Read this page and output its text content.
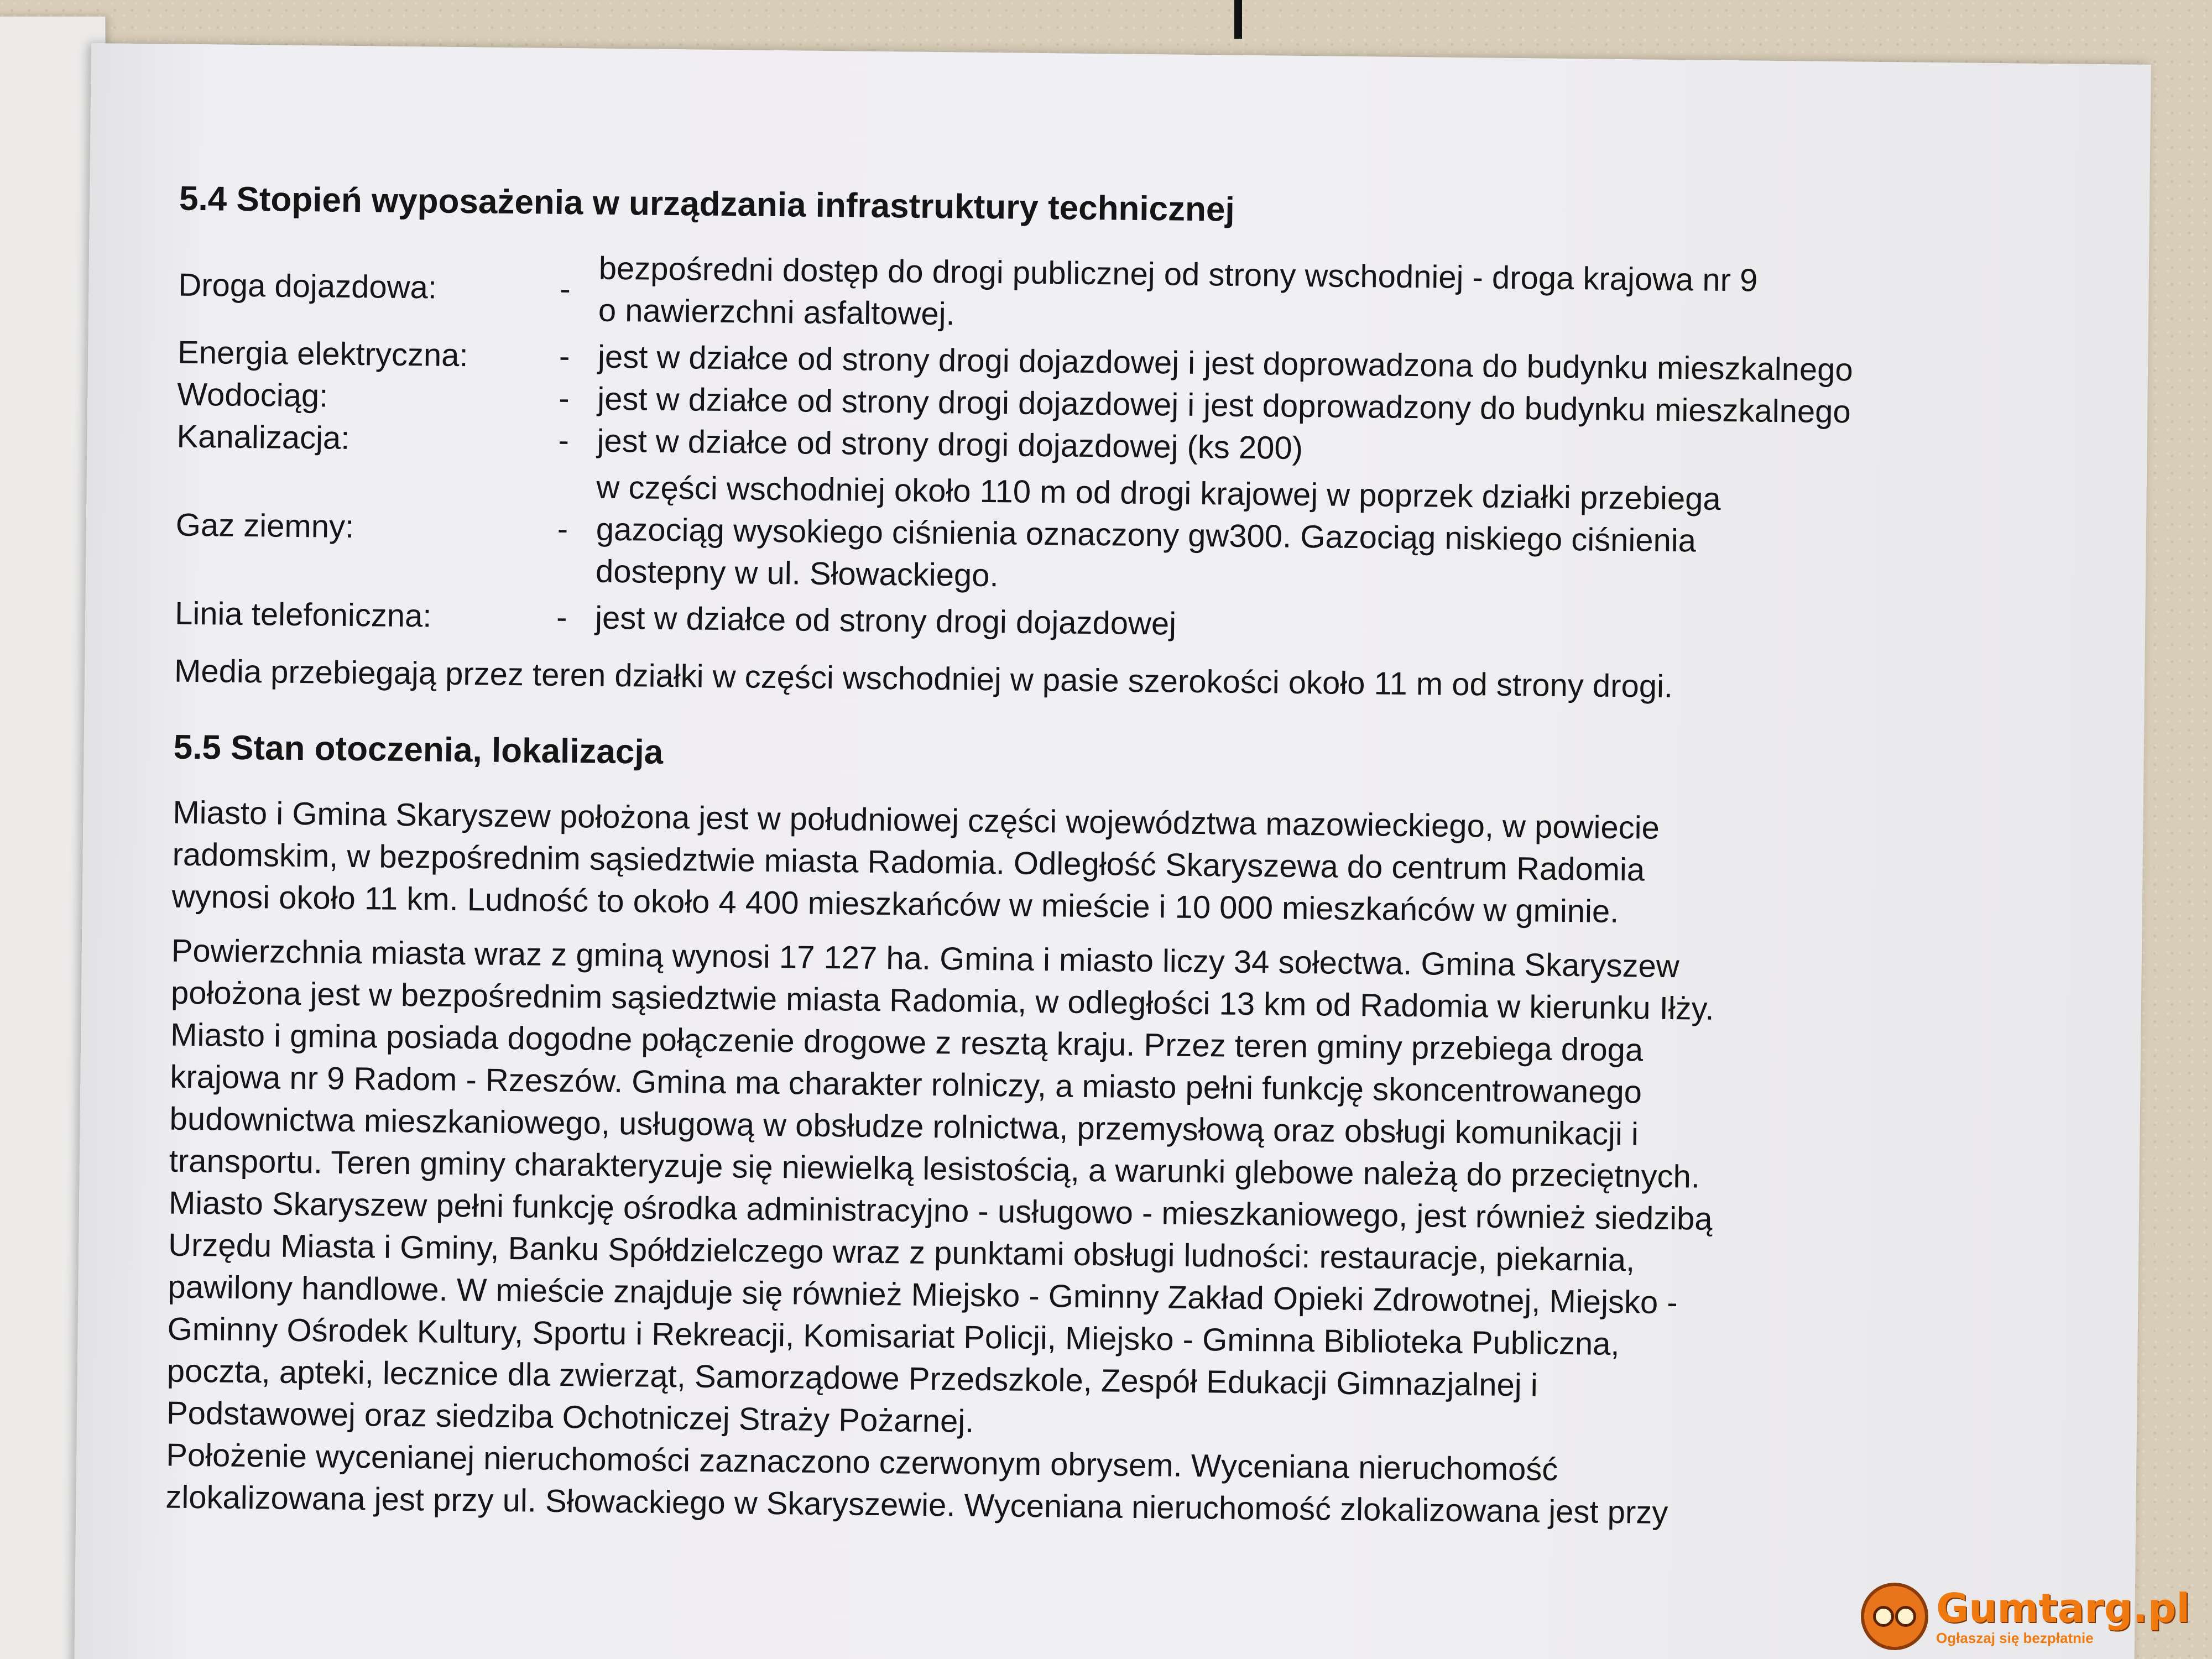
5.4 Stopień wyposażenia w urządzania infrastruktury technicznej
Droga dojazdowa:	- bezpośredni dostęp do drogi publicznej od strony wschodniej - droga krajowa nr 9
o nawierzchni asfaltowej.
Energia elektryczna:	- jest w działce od strony drogi dojazdowej i jest doprowadzona do budynku mieszkalnego
Wodociąg:	- jest w działce od strony drogi dojazdowej i jest doprowadzony do budynku mieszkalnego
Kanalizacja:	- jest w działce od strony drogi dojazdowej (ks 200)
Gaz ziemny:	-
w części wschodniej około 110 m od drogi krajowej w poprzek działki przebiega
gazociąg wysokiego ciśnienia oznaczony gw300. Gazociąg niskiego ciśnienia
dostepny w ul. Słowackiego.
Linia telefoniczna:	- jest w działce od strony drogi dojazdowej

Media przebiegają przez teren działki w części wschodniej w pasie szerokości około 11 m od strony drogi.

5.5 Stan otoczenia, lokalizacja
Miasto i Gmina Skaryszew położona jest w południowej części województwa mazowieckiego, w powiecie
radomskim, w bezpośrednim sąsiedztwie miasta Radomia. Odległość Skaryszewa do centrum Radomia
wynosi około 11 km. Ludność to około 4 400 mieszkańców w mieście i 10 000 mieszkańców w gminie.
Powierzchnia miasta wraz z gminą wynosi 17 127 ha. Gmina i miasto liczy 34 sołectwa. Gmina Skaryszew
położona jest w bezpośrednim sąsiedztwie miasta Radomia, w odległości 13 km od Radomia w kierunku Iłży.
Miasto i gmina posiada dogodne połączenie drogowe z resztą kraju. Przez teren gminy przebiega droga
krajowa nr 9 Radom - Rzeszów. Gmina ma charakter rolniczy, a miasto pełni funkcję skoncentrowanego
budownictwa mieszkaniowego, usługową w obsłudze rolnictwa, przemysłową oraz obsługi komunikacji i
transportu. Teren gminy charakteryzuje się niewielką lesistością, a warunki glebowe należą do przeciętnych.
Miasto Skaryszew pełni funkcję ośrodka administracyjno - usługowo - mieszkaniowego, jest również siedzibą
Urzędu Miasta i Gminy, Banku Spółdzielczego wraz z punktami obsługi ludności: restauracje, piekarnia,
pawilony handlowe. W mieście znajduje się również Miejsko - Gminny Zakład Opieki Zdrowotnej, Miejsko -
Gminny Ośrodek Kultury, Sportu i Rekreacji, Komisariat Policji, Miejsko - Gminna Biblioteka Publiczna,
poczta, apteki, lecznice dla zwierząt, Samorządowe Przedszkole, Zespół Edukacji Gimnazjalnej i
Podstawowej oraz siedziba Ochotniczej Straży Pożarnej.
Położenie wycenianej nieruchomości zaznaczono czerwonym obrysem. Wyceniana nieruchomość
zlokalizowana jest przy ul. Słowackiego w Skaryszewie. Wyceniana nieruchomość zlokalizowana jest przy
Gumtarg.pl
Ogłaszaj się bezpłatnie
